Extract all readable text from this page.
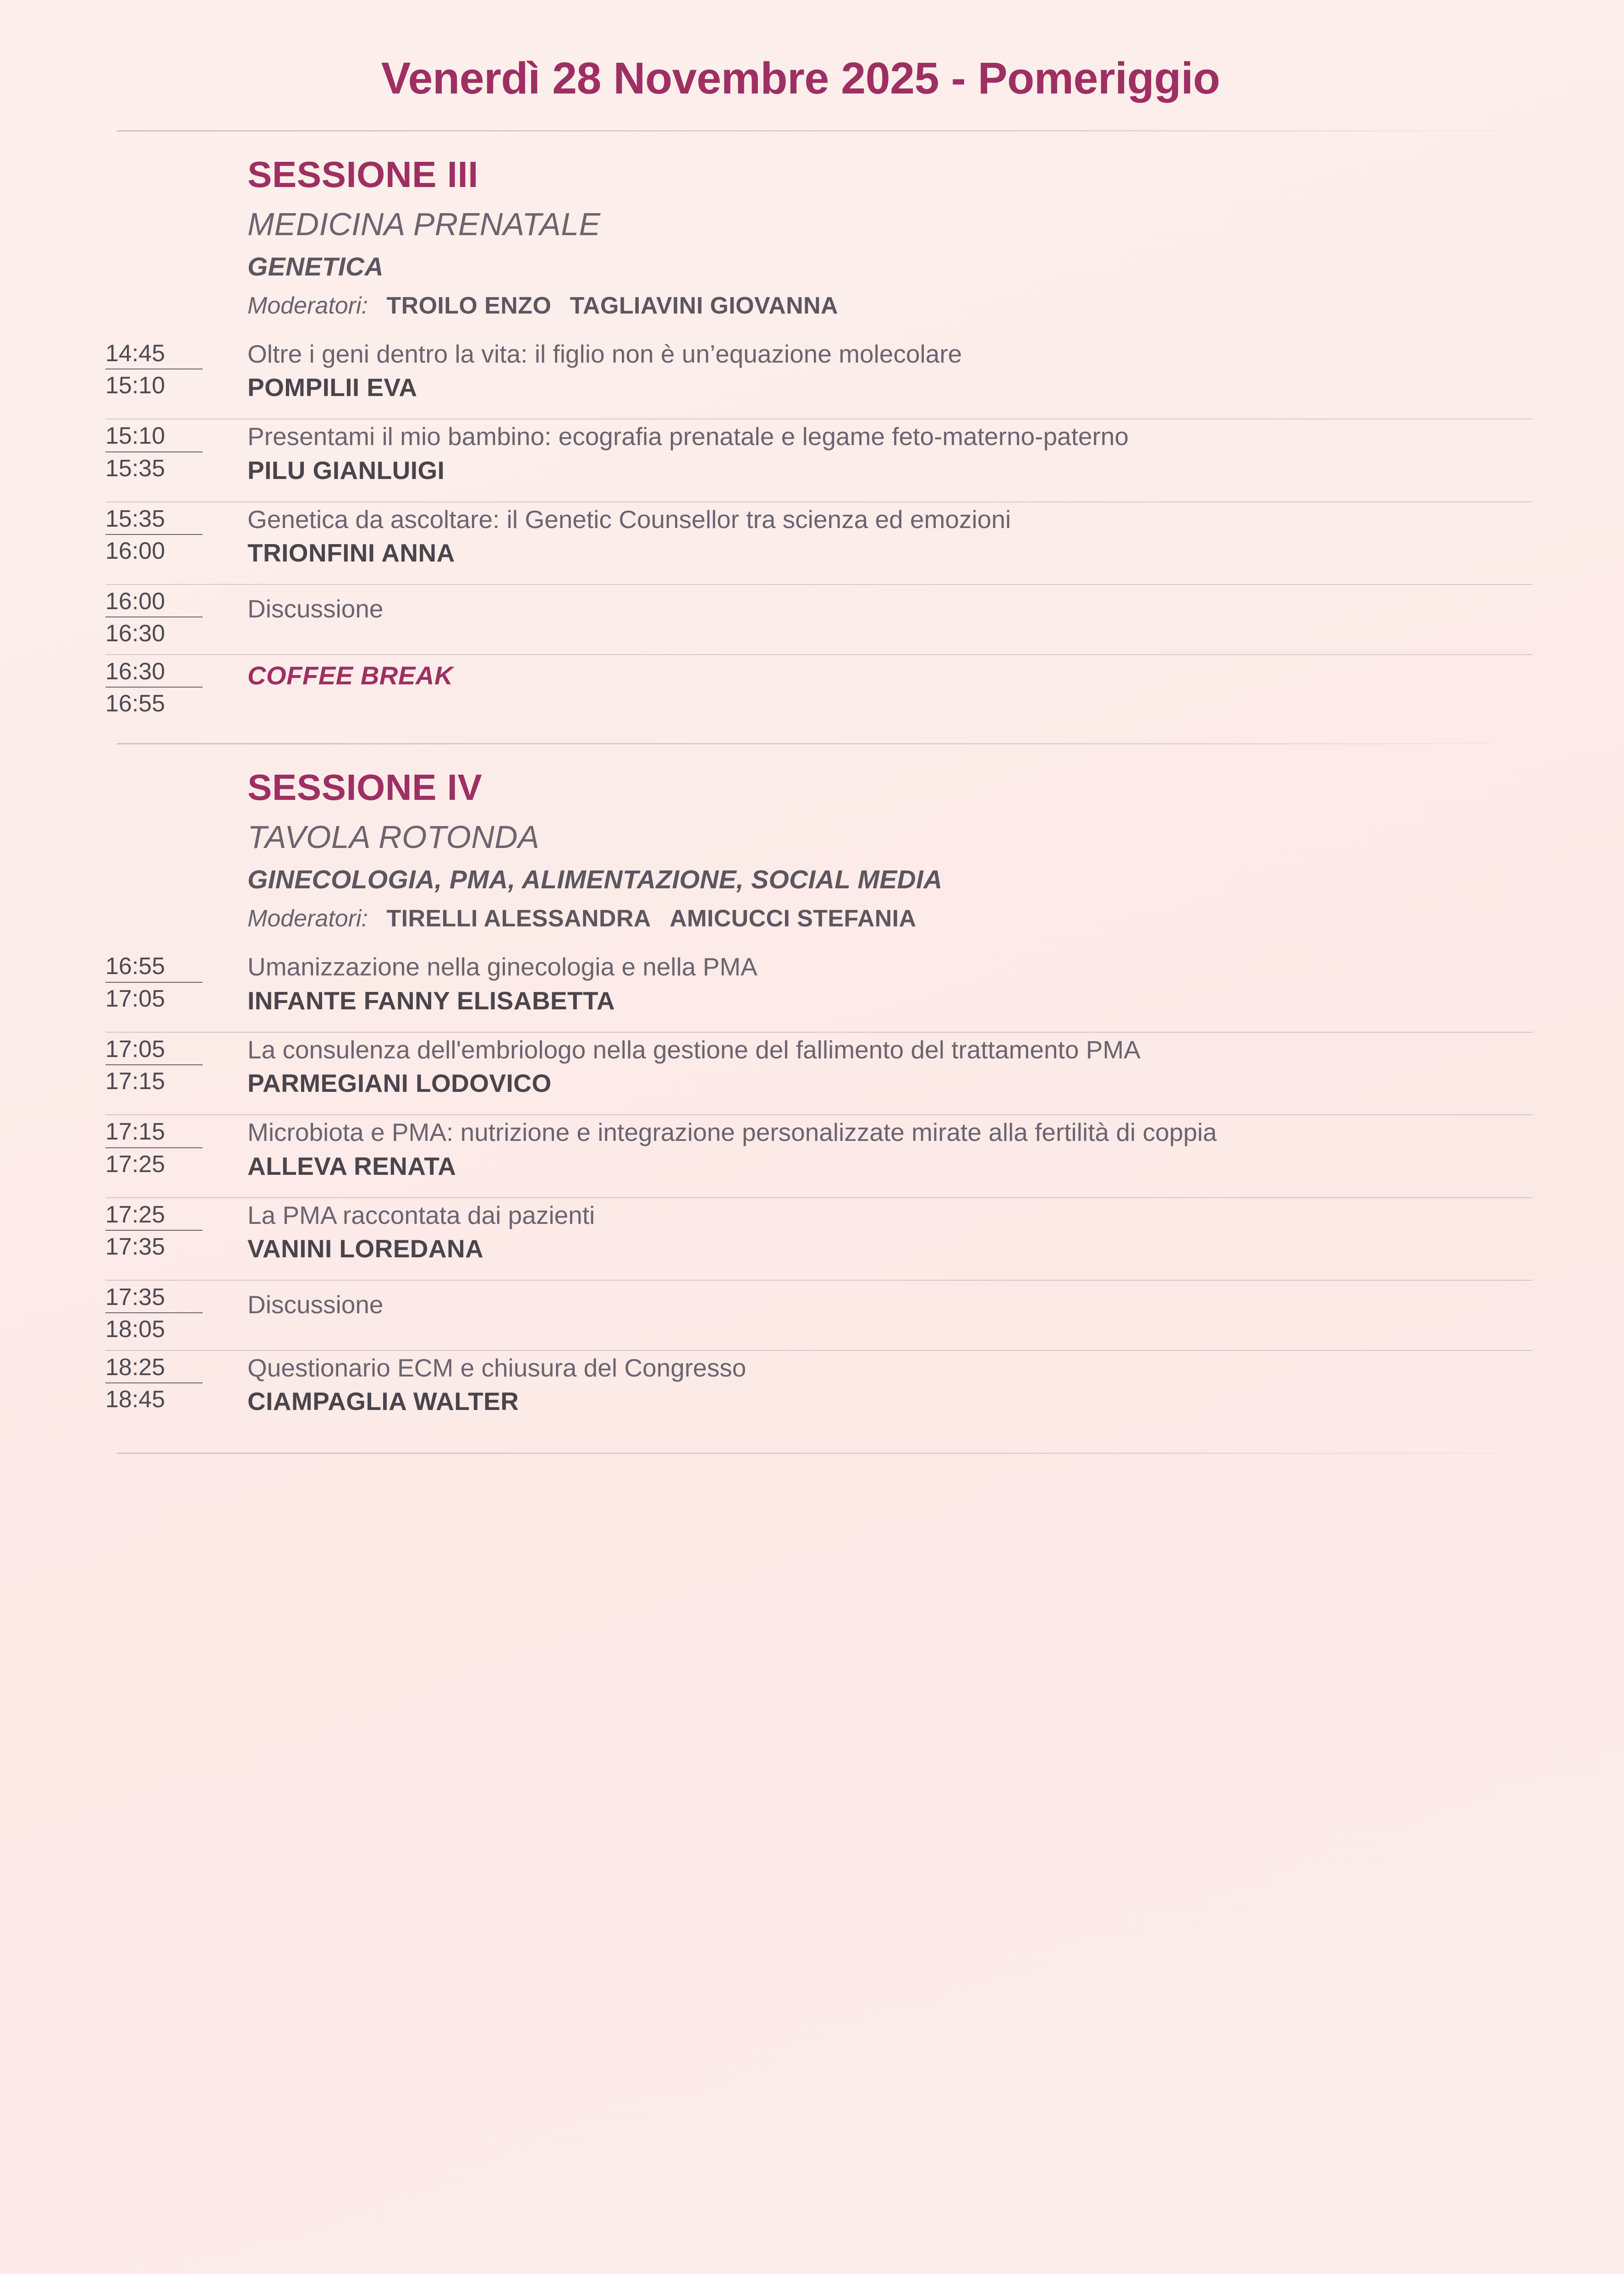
Venerdì 28 Novembre 2025 - Pomeriggio
SESSIONE III
MEDICINA PRENATALE
GENETICA
Moderatori: TROILO ENZO TAGLIAVINI GIOVANNA
14:45
15:10
Oltre i geni dentro la vita: il figlio non è un’equazione molecolare
POMPILII EVA
15:10
15:35
Presentami il mio bambino: ecografia prenatale e legame feto-materno-paterno
PILU GIANLUIGI
15:35
16:00
Genetica da ascoltare: il Genetic Counsellor tra scienza ed emozioni
TRIONFINI ANNA
16:00
16:30
Discussione
16:30
16:55
COFFEE BREAK
SESSIONE IV
TAVOLA ROTONDA
GINECOLOGIA, PMA, ALIMENTAZIONE, SOCIAL MEDIA
Moderatori: TIRELLI ALESSANDRA AMICUCCI STEFANIA
16:55
17:05
Umanizzazione nella ginecologia e nella PMA
INFANTE FANNY ELISABETTA
17:05
17:15
La consulenza dell'embriologo nella gestione del fallimento del trattamento PMA
PARMEGIANI LODOVICO
17:15
17:25
Microbiota e PMA: nutrizione e integrazione personalizzate mirate alla fertilità di coppia
ALLEVA RENATA
17:25
17:35
La PMA raccontata dai pazienti
VANINI LOREDANA
17:35
18:05
Discussione
18:25
18:45
Questionario ECM e chiusura del Congresso
CIAMPAGLIA WALTER
